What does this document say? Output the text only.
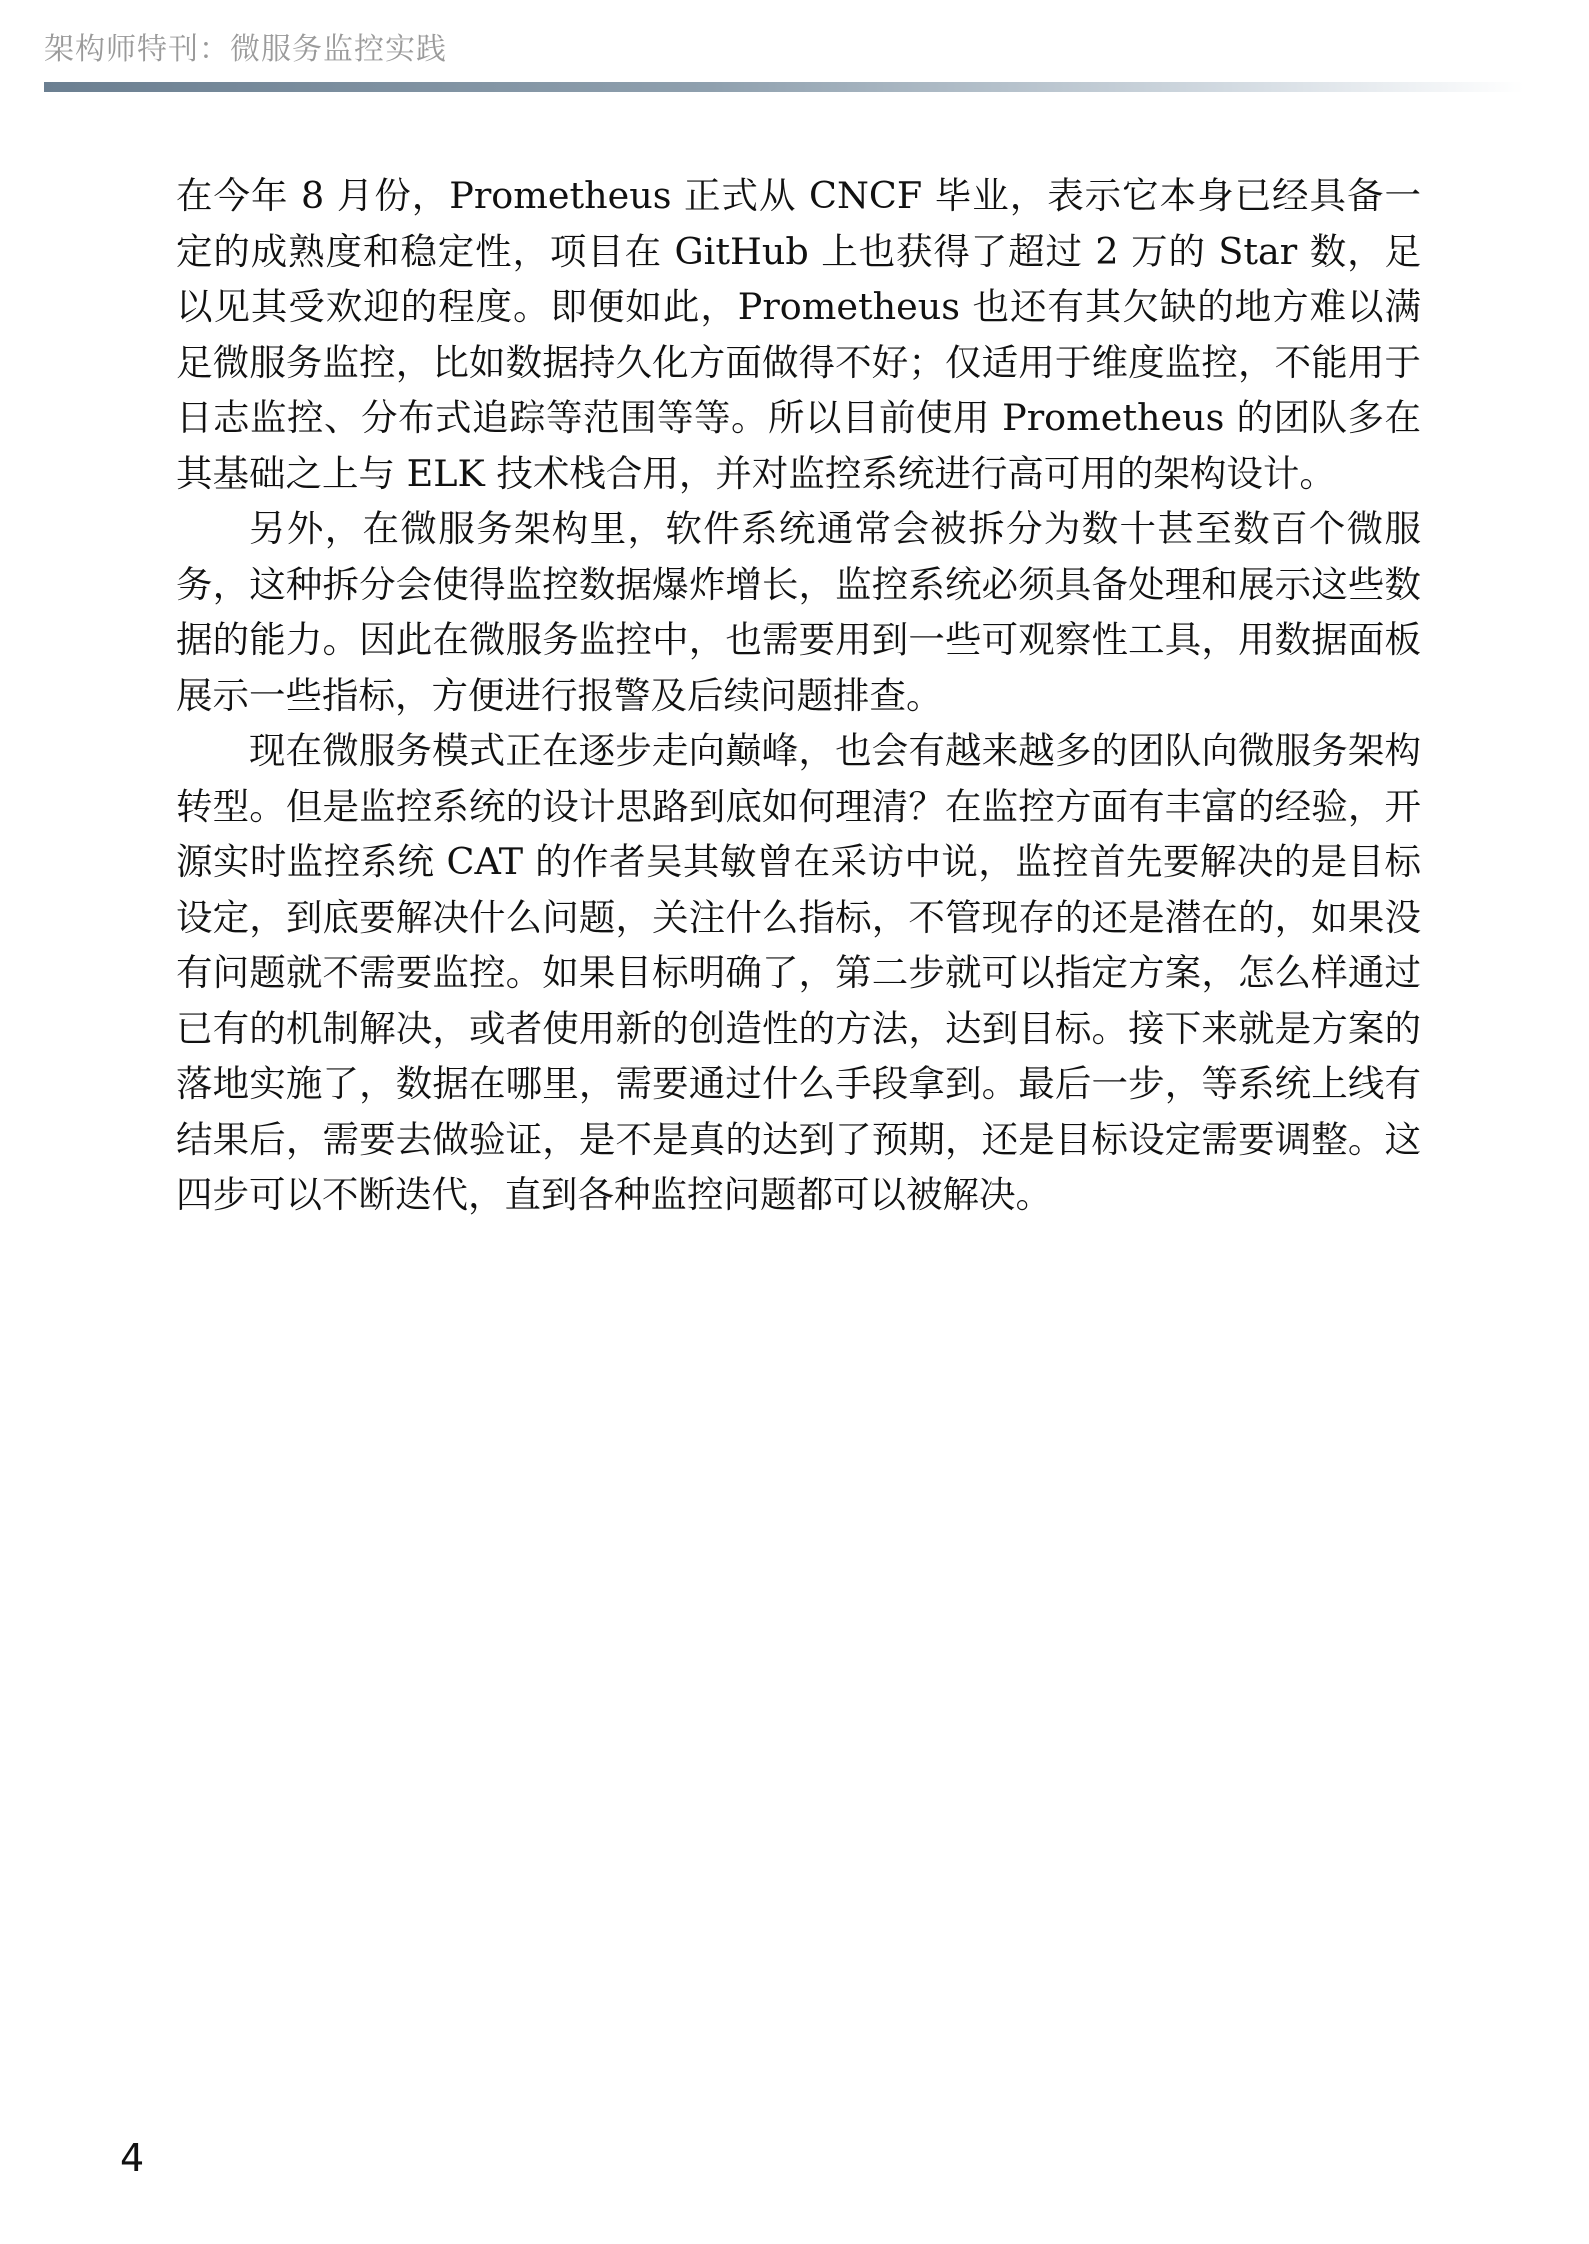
架构师特刊：微服务监控实践

在今年 8 月份，Prometheus 正式从 CNCF 毕业，表示它本身已经具备一定的成熟度和稳定性，项目在 GitHub 上也获得了超过 2 万的 Star 数，足以见其受欢迎的程度。即便如此，Prometheus 也还有其欠缺的地方难以满足微服务监控，比如数据持久化方面做得不好；仅适用于维度监控，不能用于日志监控、分布式追踪等范围等等。所以目前使用 Prometheus 的团队多在其基础之上与 ELK 技术栈合用，并对监控系统进行高可用的架构设计。

另外，在微服务架构里，软件系统通常会被拆分为数十甚至数百个微服务，这种拆分会使得监控数据爆炸增长，监控系统必须具备处理和展示这些数据的能力。因此在微服务监控中，也需要用到一些可观察性工具，用数据面板展示一些指标，方便进行报警及后续问题排查。

现在微服务模式正在逐步走向巅峰，也会有越来越多的团队向微服务架构转型。但是监控系统的设计思路到底如何理清？在监控方面有丰富的经验，开源实时监控系统 CAT 的作者吴其敏曾在采访中说，监控首先要解决的是目标设定，到底要解决什么问题，关注什么指标，不管现存的还是潜在的，如果没有问题就不需要监控。如果目标明确了，第二步就可以指定方案，怎么样通过已有的机制解决，或者使用新的创造性的方法，达到目标。接下来就是方案的落地实施了，数据在哪里，需要通过什么手段拿到。最后一步，等系统上线有结果后，需要去做验证，是不是真的达到了预期，还是目标设定需要调整。这四步可以不断迭代，直到各种监控问题都可以被解决。

4
